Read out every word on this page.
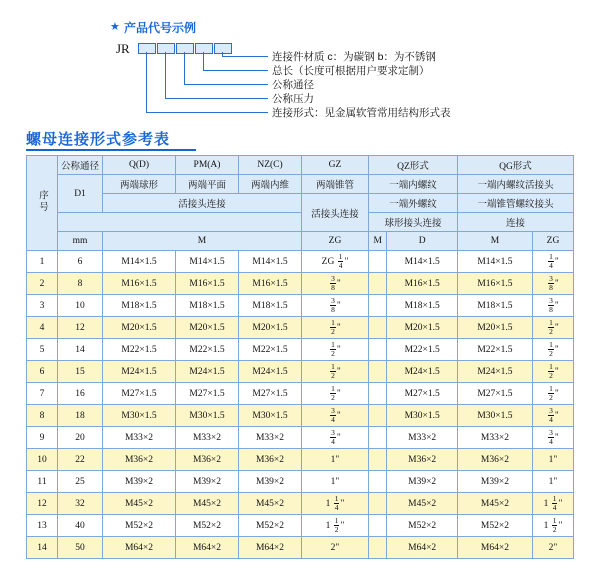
★ 产品代号示例
JR
连接件材质 c：为碳钢 b：为不锈钢
总长（长度可根据用户要求定制）
公称通径
公称压力
连接形式：见金属软管常用结构形式表
螺母连接形式参考表
序号	公称通径	Q(D)	PM(A)	NZ(C)	GZ	QZ形式		QG形式	

	D1	两端球形	两端平面	两端内维	两端锥管	一端内螺纹		一端内螺纹活接头	
		活接头连接			活接头连接	一端外螺纹		一端锥管螺纹接头	
						球形接头连接		连接	
	mm	M			ZG	M	D	M	ZG
1	6	M14×1.5	M14×1.5	M14×1.5	ZG $\frac{1}{4}$ "		M14×1.5	M14×1.5	$\frac{1}{4}$ "
2	8	M16×1.5	M16×1.5	M16×1.5	$\frac{3}{8}$ "		M16×1.5	M16×1.5	$\frac{3}{8}$ "
3	10	M18×1.5	M18×1.5	M18×1.5	$\frac{3}{8}$ "		M18×1.5	M18×1.5	$\frac{3}{8}$ "
4	12	M20×1.5	M20×1.5	M20×1.5	$\frac{1}{2}$ "		M20×1.5	M20×1.5	$\frac{1}{2}$ "
5	14	M22×1.5	M22×1.5	M22×1.5	$\frac{1}{2}$ "		M22×1.5	M22×1.5	$\frac{1}{2}$ "
6	15	M24×1.5	M24×1.5	M24×1.5	$\frac{1}{2}$ "		M24×1.5	M24×1.5	$\frac{1}{2}$ "
7	16	M27×1.5	M27×1.5	M27×1.5	$\frac{1}{2}$ "		M27×1.5	M27×1.5	$\frac{1}{2}$ "
8	18	M30×1.5	M30×1.5	M30×1.5	$\frac{3}{4}$ "		M30×1.5	M30×1.5	$\frac{3}{4}$ "
9	20	M33×2	M33×2	M33×2	$\frac{3}{4}$ "		M33×2	M33×2	$\frac{3}{4}$ "
10	22	M36×2	M36×2	M36×2	1"		M36×2	M36×2	1"
11	25	M39×2	M39×2	M39×2	1"		M39×2	M39×2	1"
12	32	M45×2	M45×2	M45×2	$1 \frac{1}{4}$ "		M45×2	M45×2	$1 \frac{1}{4}$ "
13	40	M52×2	M52×2	M52×2	$1 \frac{1}{2}$ "		M52×2	M52×2	$1 \frac{1}{2}$ "
14	50	M64×2	M64×2	M64×2	2"		M64×2	M64×2	2"
